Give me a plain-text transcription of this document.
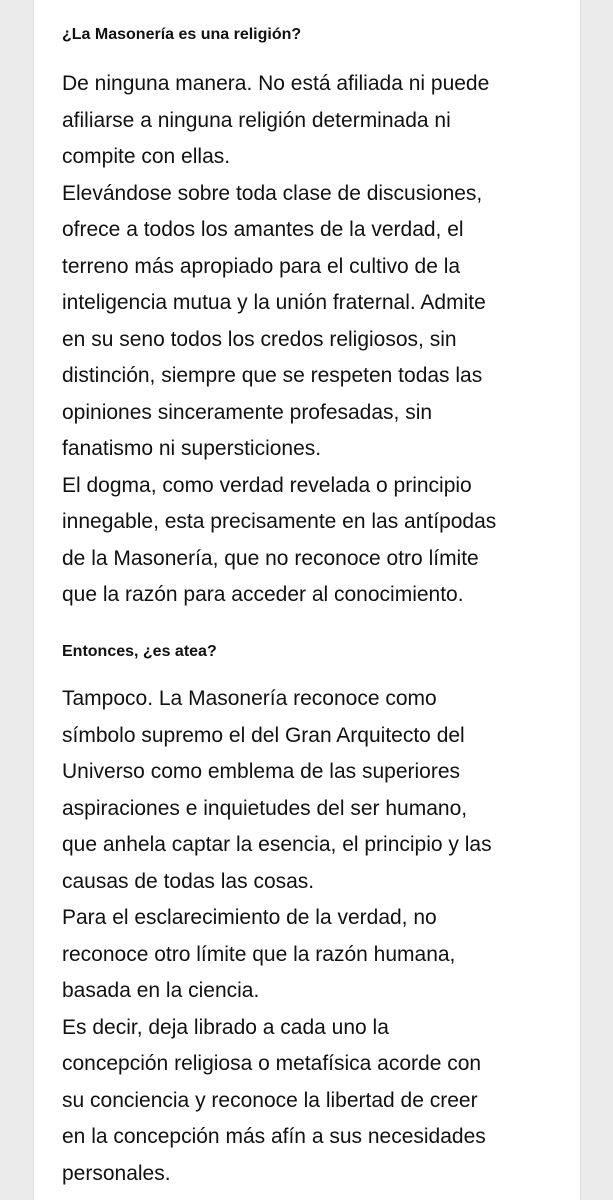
¿La Masonería es una religión?

De ninguna manera. No está afiliada ni puede
afiliarse a ninguna religión determinada ni
compite con ellas.

Elevándose sobre toda clase de discusiones,
ofrece a todos los amantes de la verdad, el
terreno más apropiado para el cultivo de la
inteligencia mutua y la unión fraternal. Admite
en su seno todos los credos religiosos, sin
distinción, siempre que se respeten todas las
opiniones sinceramente profesadas, sin
fanatismo ni supersticiones.

El dogma, como verdad revelada o principio
innegable, esta precisamente en las antípodas
de la Masonería, que no reconoce otro límite
que la razón para acceder al conocimiento.

Entonces, ¿es atea?

Tampoco. La Masonería reconoce como
símbolo supremo el del Gran Arquitecto del
Universo como emblema de las superiores
aspiraciones e inquietudes del ser humano,
que anhela captar la esencia, el principio y las
causas de todas las cosas.

Para el esclarecimiento de la verdad, no
reconoce otro límite que la razón humana,
basada en la ciencia.

Es decir, deja librado a cada uno la
concepción religiosa o metafísica acorde con
su conciencia y reconoce la libertad de creer
en la concepción más afín a sus necesidades
personales.
